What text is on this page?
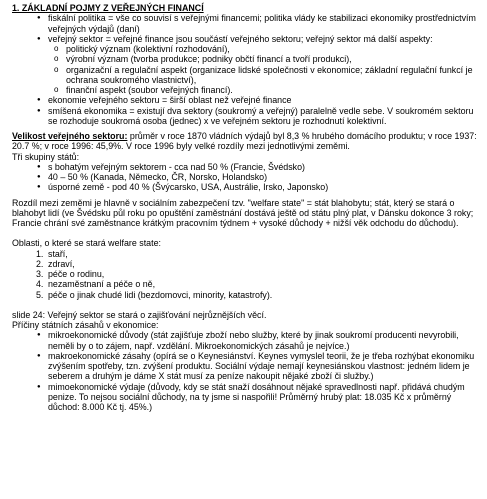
1. ZÁKLADNÍ POJMY Z VEŘEJNÝCH FINANCÍ

● fiskální politika = vše co souvisí s veřejnými financemi; politika vlády ke stabilizaci ekonomiky prostřednictvím veřejných výdajů (daní)
● veřejný sektor = veřejné finance jsou součástí veřejného sektoru; veřejný sektor má další aspekty:
o politický význam (kolektivní rozhodování),
o výrobní význam (tvorba produkce; podniky občtí financí a tvoří produkci),
o organizační a regulační aspekt (organizace lidské společnosti v ekonomice; základní regulační funkcí je ochrana soukromého vlastnictví),
o finanční aspekt (soubor veřejných financí).
● ekonomie veřejného sektoru = širší oblast než veřejné finance
● smíšená ekonomika = existují dva sektory (soukromý a veřejný) paralelně vedle sebe. V soukromém sektoru se rozhoduje soukromá osoba (jednec) x ve veřejném sektoru je rozhodnutí kolektivní.

Velikost veřejného sektoru: průměr v roce 1870 vládních výdajů byl 8,3 % hrubého domácího produktu; v roce 1937: 20.7 %; v roce 1996: 45,9%. V roce 1996 byly velké rozdíly mezi jednotlivými zeměmi.

Tři skupiny států:

● s bohatým veřejným sektorem - cca nad 50 % (Francie, Švédsko)
● 40 – 50 % (Kanada, Německo, ČR, Norsko, Holandsko)
● úsporné země - pod 40 % (Švýcarsko, USA, Austrálie, Irsko, Japonsko)

Rozdíl mezi zeměmi je hlavně v sociálním zabezpečení tzv. "welfare state" = stát blahobytu; stát, který se stará o blahobyt lidí (ve Švédsku půl roku po opuštění zaměstnání dostává ještě od státu plný plat, v Dánsku dokonce 3 roky; Francie chrání své zaměstnance krátkým pracovním týdnem + vysoké důchody + nižší věk odchodu do důchodu).

Oblasti, o které se stará welfare state:

1. staří,
2. zdraví,
3. péče o rodinu,
4. nezaměstnaní a péče o ně,
5. péče o jinak chudé lidi (bezdomovci, minority, katastrofy).

slide 24: Veřejný sektor se stará o zajišťování nejrůznějších věcí.

Příčiny státních zásahů v ekonomice:

● mikroekonomické důvody (stát zajišťuje zboží nebo služby, které by jinak soukromí producenti nevyrobili, neměli by o to zájem, např. vzdělání. Mikroekonomických zásahů je nejvíce.)
● makroekonomické zásahy (opírá se o Keynesiánství. Keynes vymyslel teorii, že je třeba rozhýbat ekonomiku zvýšením spotřeby, tzn. zvýšení produktu. Sociální výdaje nemají keynesiánskou vlastnost: jedném lidem je seberem a druhým je dáme X stát musí za peníze nakoupit nějaké zboží či služby.)
● mimoekonomické výdaje (důvody, kdy se stát snaží dosáhnout nějaké spravedlnosti např. přidává chudým penize. To nejsou sociální důchody, na ty jsme si naspořili! Průměrný hrubý plat: 18.035 Kč x průměrný důchod: 8.000 Kč tj. 45%.)
